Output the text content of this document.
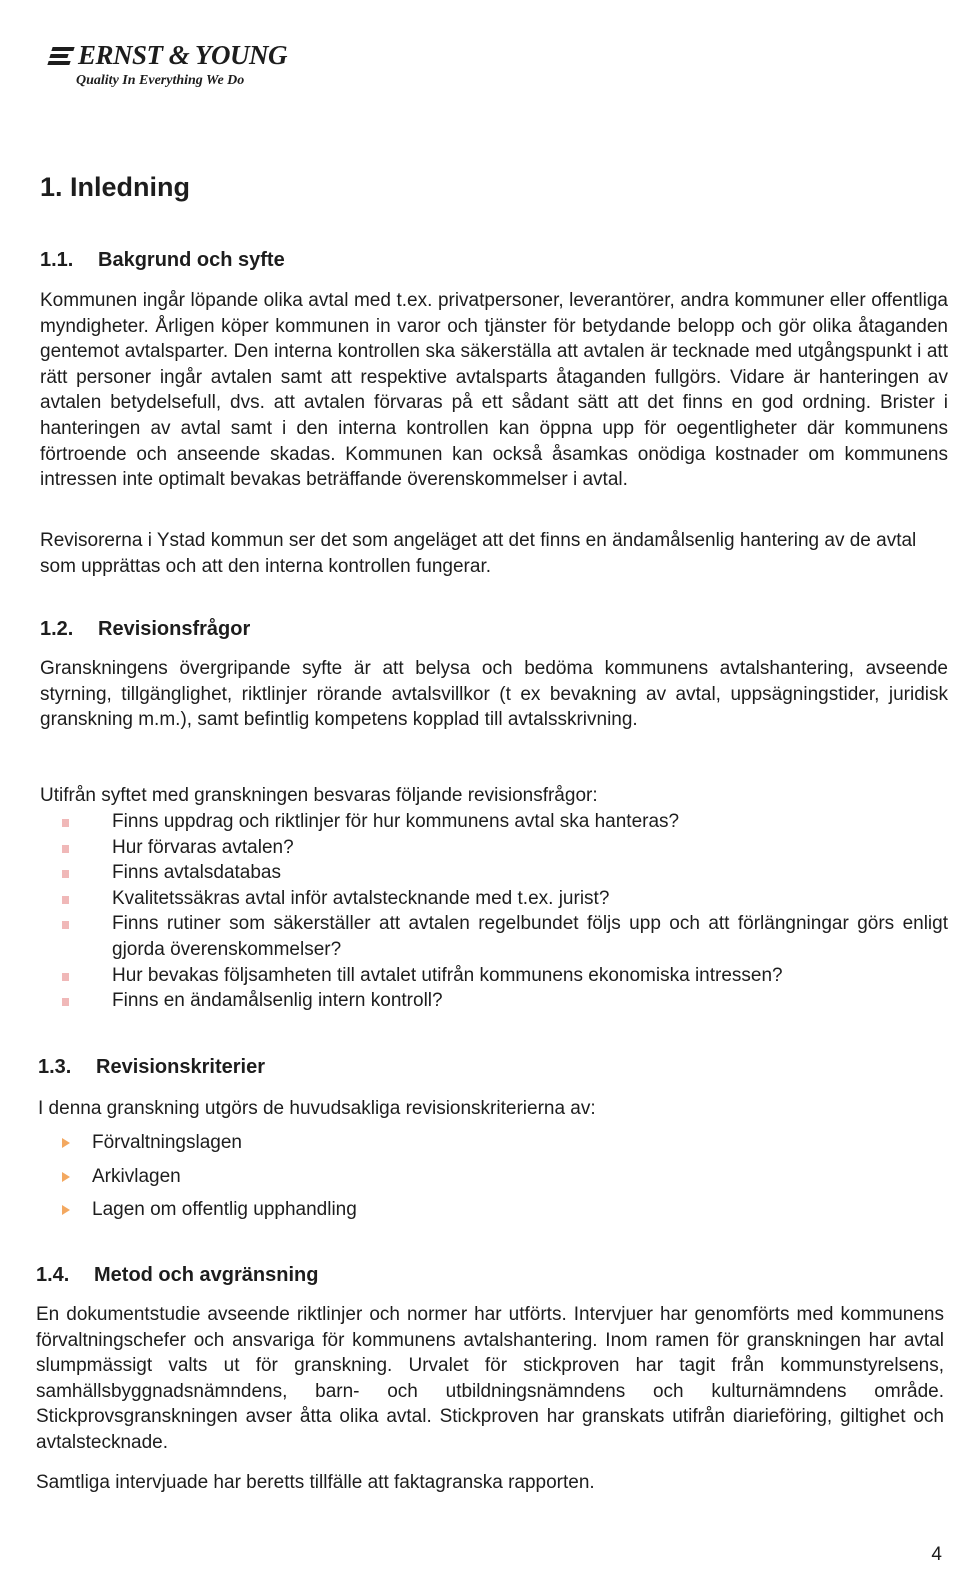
ERNST & YOUNG
Quality In Everything We Do
1. Inledning
1.1. Bakgrund och syfte

Kommunen ingår löpande olika avtal med t.ex. privatpersoner, leverantörer, andra kommuner eller offentliga myndigheter. Årligen köper kommunen in varor och tjänster för betydande belopp och gör olika åtaganden gentemot avtalsparter. Den interna kontrollen ska säkerställa att avtalen är tecknade med utgångspunkt i att rätt personer ingår avtalen samt att respektive avtalsparts åtaganden fullgörs. Vidare är hanteringen av avtalen betydelsefull, dvs. att avtalen förvaras på ett sådant sätt att det finns en god ordning. Brister i hanteringen av avtal samt i den interna kontrollen kan öppna upp för oegentligheter där kommunens förtroende och anseende skadas. Kommunen kan också åsamkas onödiga kostnader om kommunens intressen inte optimalt bevakas beträffande överenskommelser i avtal.

Revisorerna i Ystad kommun ser det som angeläget att det finns en ändamålsenlig hantering av de avtal som upprättas och att den interna kontrollen fungerar.

1.2. Revisionsfrågor

Granskningens övergripande syfte är att belysa och bedöma kommunens avtalshantering, avseende styrning, tillgänglighet, riktlinjer rörande avtalsvillkor (t ex bevakning av avtal, uppsägningstider, juridisk granskning m.m.), samt befintlig kompetens kopplad till avtalsskrivning.

Utifrån syftet med granskningen besvaras följande revisionsfrågor:

Finns uppdrag och riktlinjer för hur kommunens avtal ska hanteras?
Hur förvaras avtalen?
Finns avtalsdatabas
Kvalitetssäkras avtal inför avtalstecknande med t.ex. jurist?
Finns rutiner som säkerställer att avtalen regelbundet följs upp och att förlängningar görs enligt gjorda överenskommelser?
Hur bevakas följsamheten till avtalet utifrån kommunens ekonomiska intressen?
Finns en ändamålsenlig intern kontroll?
1.3. Revisionskriterier

I denna granskning utgörs de huvudsakliga revisionskriterierna av:

Förvaltningslagen
Arkivlagen
Lagen om offentlig upphandling
1.4. Metod och avgränsning

En dokumentstudie avseende riktlinjer och normer har utförts. Intervjuer har genomförts med kommunens förvaltningschefer och ansvariga för kommunens avtalshantering. Inom ramen för granskningen har avtal slumpmässigt valts ut för granskning. Urvalet för stickproven har tagit från kommunstyrelsens, samhällsbyggnadsnämndens, barn- och utbildningsnämndens och kulturnämndens område. Stickprovsgranskningen avser åtta olika avtal. Stickproven har granskats utifrån diarieföring, giltighet och avtalstecknade.

Samtliga intervjuade har beretts tillfälle att faktagranska rapporten.

4
